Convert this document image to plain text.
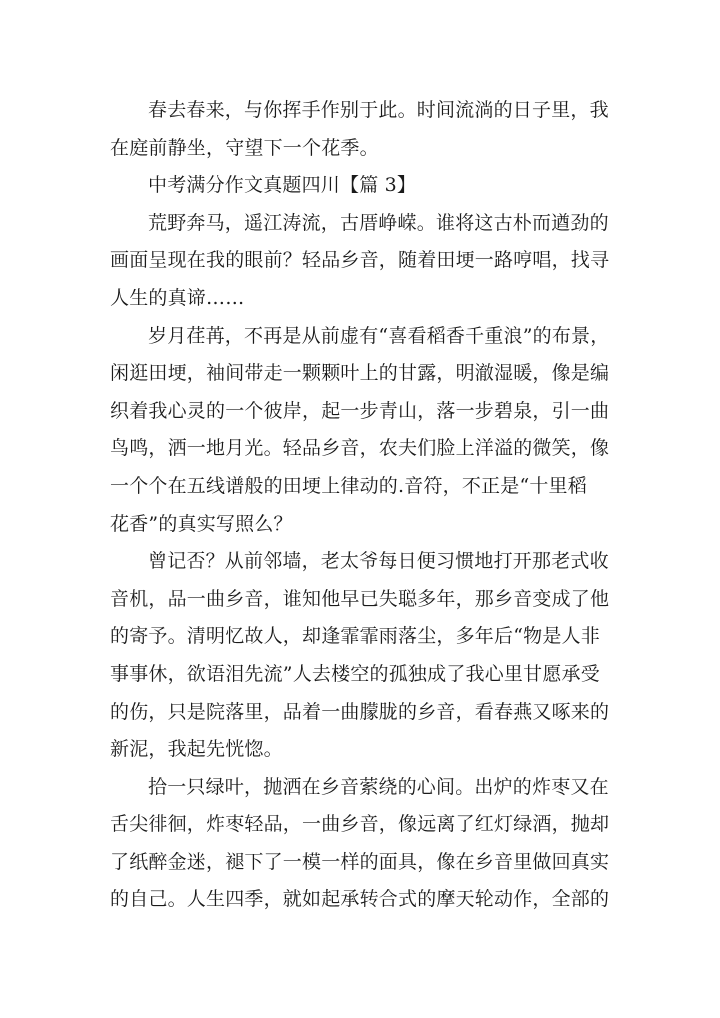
春去春来，与你挥手作别于此。时间流淌的日子里，我
在庭前静坐，守望下一个花季。
中考满分作文真题四川【篇 3】
荒野奔马，遥江涛流，古厝峥嵘。谁将这古朴而遒劲的
画面呈现在我的眼前？轻品乡音，随着田埂一路哼唱，找寻
人生的真谛……
岁月荏苒，不再是从前虚有“喜看稻香千重浪”的布景，
闲逛田埂，袖间带走一颗颗叶上的甘露，明澈湿暖，像是编
织着我心灵的一个彼岸，起一步青山，落一步碧泉，引一曲
鸟鸣，洒一地月光。轻品乡音，农夫们脸上洋溢的微笑，像
一个个在五线谱般的田埂上律动的.音符，不正是“十里稻
花香”的真实写照么？
曾记否？从前邻墙，老太爷每日便习惯地打开那老式收
音机，品一曲乡音，谁知他早已失聪多年，那乡音变成了他
的寄予。清明忆故人，却逢霏霏雨落尘，多年后“物是人非
事事休，欲语泪先流”人去楼空的孤独成了我心里甘愿承受
的伤，只是院落里，品着一曲朦胧的乡音，看春燕又啄来的
新泥，我起先恍惚。
拾一只绿叶，抛洒在乡音萦绕的心间。出炉的炸枣又在
舌尖徘徊，炸枣轻品，一曲乡音，像远离了红灯绿酒，抛却
了纸醉金迷，褪下了一模一样的面具，像在乡音里做回真实
的自己。人生四季，就如起承转合式的摩天轮动作，全部的
